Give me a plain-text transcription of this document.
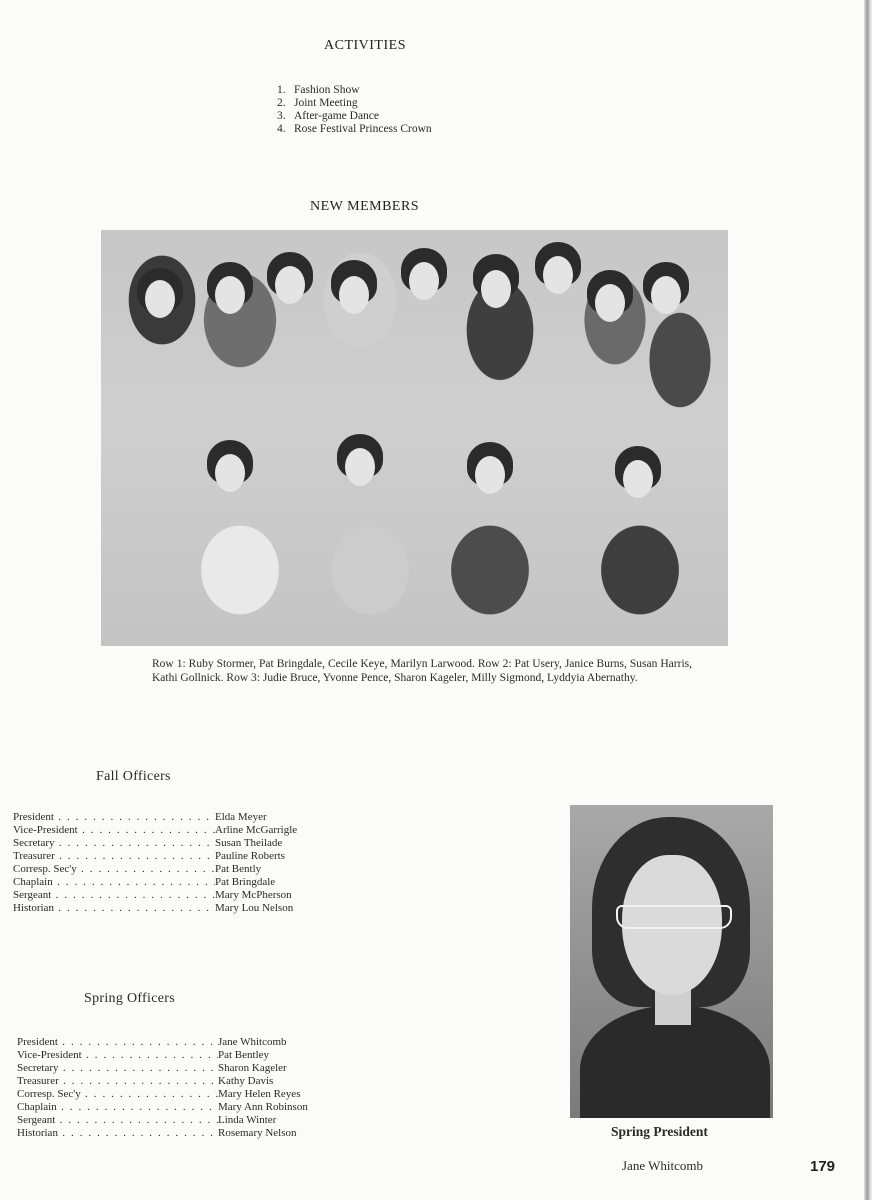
ACTIVITIES
1. Fashion Show
2. Joint Meeting
3. After-game Dance
4. Rose Festival Princess Crown
NEW MEMBERS
Row 1: Ruby Stormer, Pat Bringdale, Cecile Keye, Marilyn Larwood. Row 2: Pat Usery, Janice Burns, Susan Harris, Kathi Gollnick. Row 3: Judie Bruce, Yvonne Pence, Sharon Kageler, Milly Sigmond, Lyddyia Abernathy.
Fall Officers
President . . .	Elda Meyer
Vice-President . . .	Arline McGarrigle
Secretary . . .	Susan Theilade
Treasurer . . .	Pauline Roberts
Corresp. Sec'y . . .	Pat Bently
Chaplain . . .	Pat Bringdale
Sergeant . . .	Mary McPherson
Historian . . .	Mary Lou Nelson
Spring Officers
President . . .	Jane Whitcomb
Vice-President . . .	Pat Bentley
Secretary . . .	Sharon Kageler
Treasurer . . .	Kathy Davis
Corresp. Sec'y . . .	Mary Helen Reyes
Chaplain . . .	Mary Ann Robinson
Sergeant . . .	Linda Winter
Historian . . .	Rosemary Nelson	Spring President
Jane Whitcomb	179
